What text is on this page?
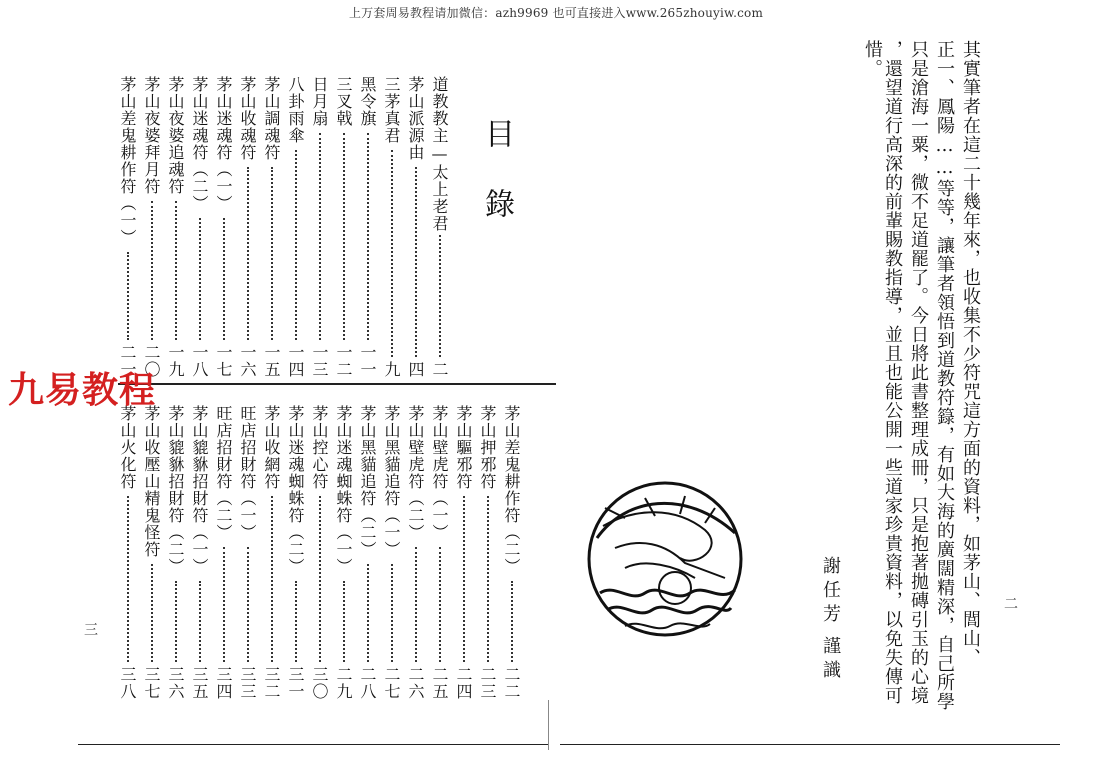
上万套周易教程请加微信：azh9969 也可直接进入www.265zhouyiw.com
其實筆者在這二十幾年來，也收集不少符咒這方面的資料，如茅山、閭山、
正一、鳳陽……等等，讓筆者領悟到道教符籙，有如大海的廣闊精深，自己所學
只是滄海一粟，微不足道罷了。今日將此書整理成冊，只是抱著拋磚引玉的心境
，還望道行高深的前輩賜教指導，並且也能公開一些道家珍貴資料，以免失傳可
惜。
謝任芳
謹識
二
目錄
道教教主—太上老君
二
茅山派源由
四
三茅真君
九
黑令旗
一一
三叉戟
一二
日月扇
一三
八卦雨傘
一四
茅山調魂符
一五
茅山收魂符
一六
茅山迷魂符（一）
一七
茅山迷魂符（二）
一八
茅山夜婆追魂符
一九
茅山夜婆拜月符
二〇
茅山差鬼耕作符（一）
二一
茅山差鬼耕作符（二）
二二
茅山押邪符
二三
茅山驅邪符
二四
茅山壁虎符（一）
二五
茅山壁虎符（二）
二六
茅山黑貓追符（一）
二七
茅山黑貓追符（二）
二八
茅山迷魂蜘蛛符（一）
二九
茅山控心符
三〇
茅山迷魂蜘蛛符（二）
三一
茅山收網符
三二
旺店招財符（一）
三三
旺店招財符（二）
三四
茅山貔貅招財符（一）
三五
茅山貔貅招財符（二）
三六
茅山收壓山精鬼怪符
三七
茅山火化符
三八
三
九易教程
